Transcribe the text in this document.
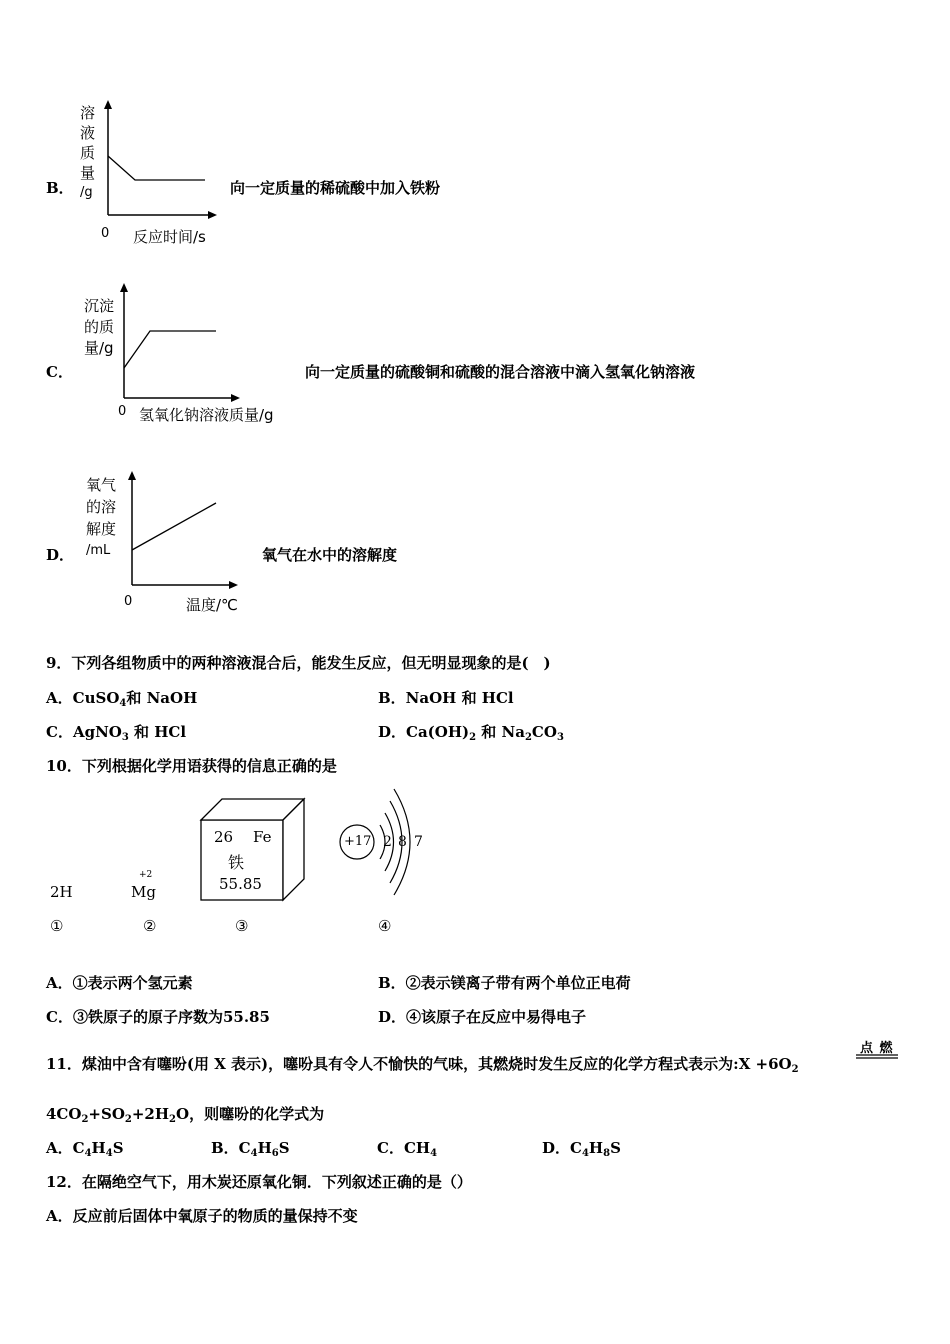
B．
溶
液
质
量
/g
0 反应时间/s
向一定质量的稀硫酸中加入铁粉
C．
沉淀
的质
量/g
0 氢氧化钠溶液质量/g
向一定质量的硫酸铜和硫酸的混合溶液中滴入氢氧化钠溶液
D．
氧气
的溶
解度
/mL
0	温度/℃
氧气在水中的溶解度
9．下列各组物质中的两种溶液混合后，能发生反应，但无明显现象的是(　)
A．CuSO$_4$和 NaOH	B．NaOH 和 HCl
C．AgNO$_3$ 和 HCl	D．$Ca(OH)_2$ 和 $Na_2CO_3$
10．下列根据化学用语获得的信息正确的是
2H
+2
Mg
26 Fe
铁
55.85
+17 2 8 7
①	②	③	④
A．①表示两个氢元素	B．②表示镁离子带有两个单位正电荷
C．③铁原子的原子序数为55.85	D．④该原子在反应中易得电子
11．煤油中含有噻吩(用 X 表示)，噻吩具有令人不愉快的气味，其燃烧时发生反应的化学方程式表示为:X $+6O_2$
点 燃
$4CO_2+SO_2+2H_2O$，则噻吩的化学式为
A．$C_4H_4S$	B．$C_4H_6S$	C．$CH_4$	D．$C_4H_8S$
12．在隔绝空气下，用木炭还原氧化铜．下列叙述正确的是（）
A．反应前后固体中氧原子的物质的量保持不变
